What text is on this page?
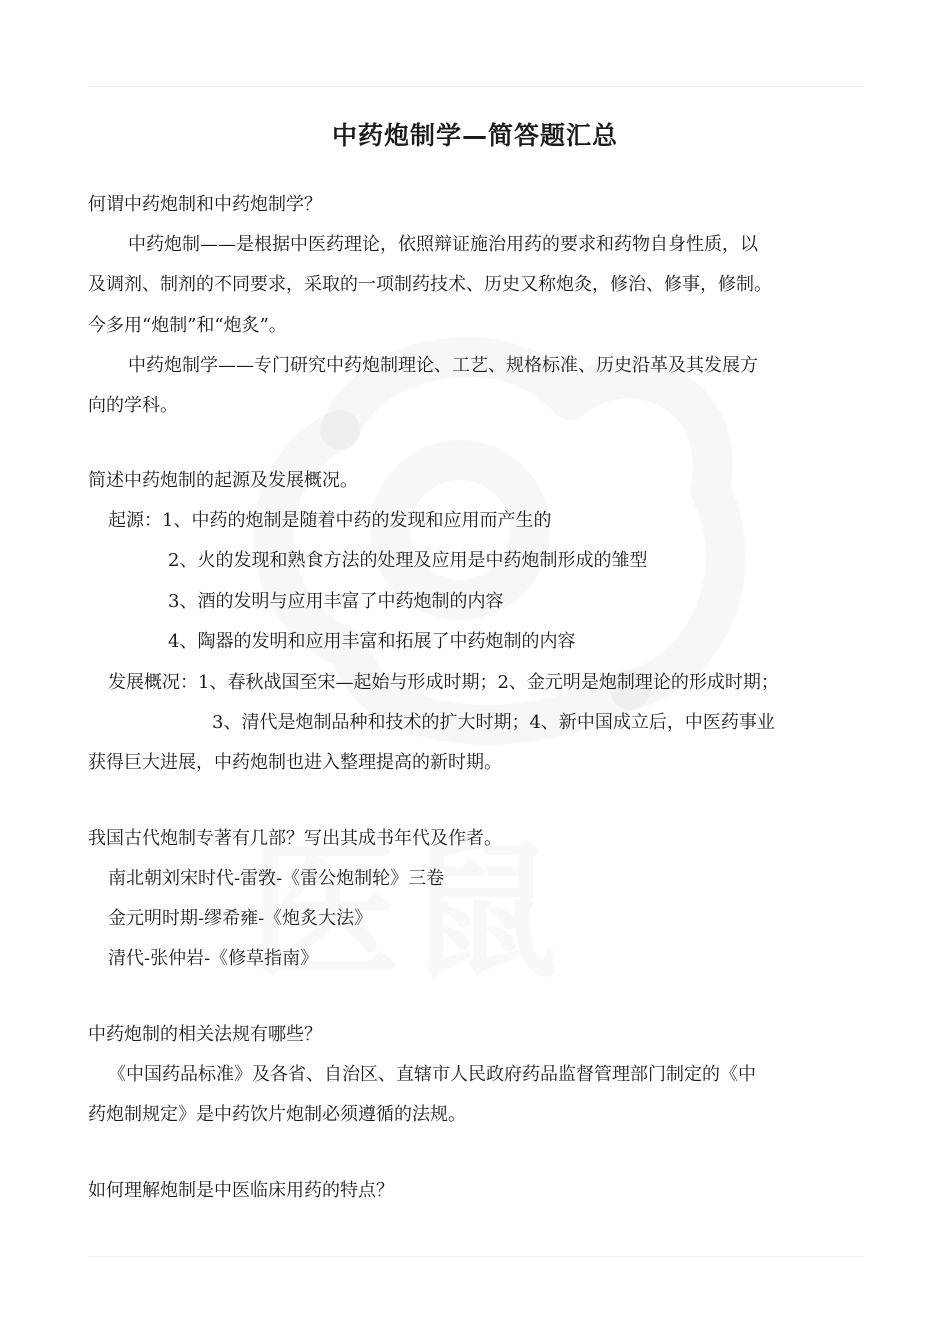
中药炮制学—简答题汇总
何谓中药炮制和中药炮制学？
中药炮制——是根据中医药理论，依照辩证施治用药的要求和药物自身性质，以
及调剂、制剂的不同要求，采取的一项制药技术、历史又称炮灸，修治、修事，修制。
今多用“炮制”和“炮炙”。
中药炮制学——专门研究中药炮制理论、工艺、规格标准、历史沿革及其发展方
向的学科。
简述中药炮制的起源及发展概况。
起源：1、中药的炮制是随着中药的发现和应用而产生的
2、火的发现和熟食方法的处理及应用是中药炮制形成的雏型
3、酒的发明与应用丰富了中药炮制的内容
4、陶器的发明和应用丰富和拓展了中药炮制的内容
发展概况：1、春秋战国至宋—起始与形成时期；2、金元明是炮制理论的形成时期；
3、清代是炮制品种和技术的扩大时期；4、新中国成立后，中医药事业
获得巨大进展，中药炮制也进入整理提高的新时期。
我国古代炮制专著有几部？写出其成书年代及作者。
南北朝刘宋时代-雷敩-《雷公炮制轮》三卷
金元明时期-缪希雍-《炮炙大法》
清代-张仲岩-《修草指南》
中药炮制的相关法规有哪些？
《中国药品标准》及各省、自治区、直辖市人民政府药品监督管理部门制定的《中
药炮制规定》是中药饮片炮制必须遵循的法规。
如何理解炮制是中医临床用药的特点？
